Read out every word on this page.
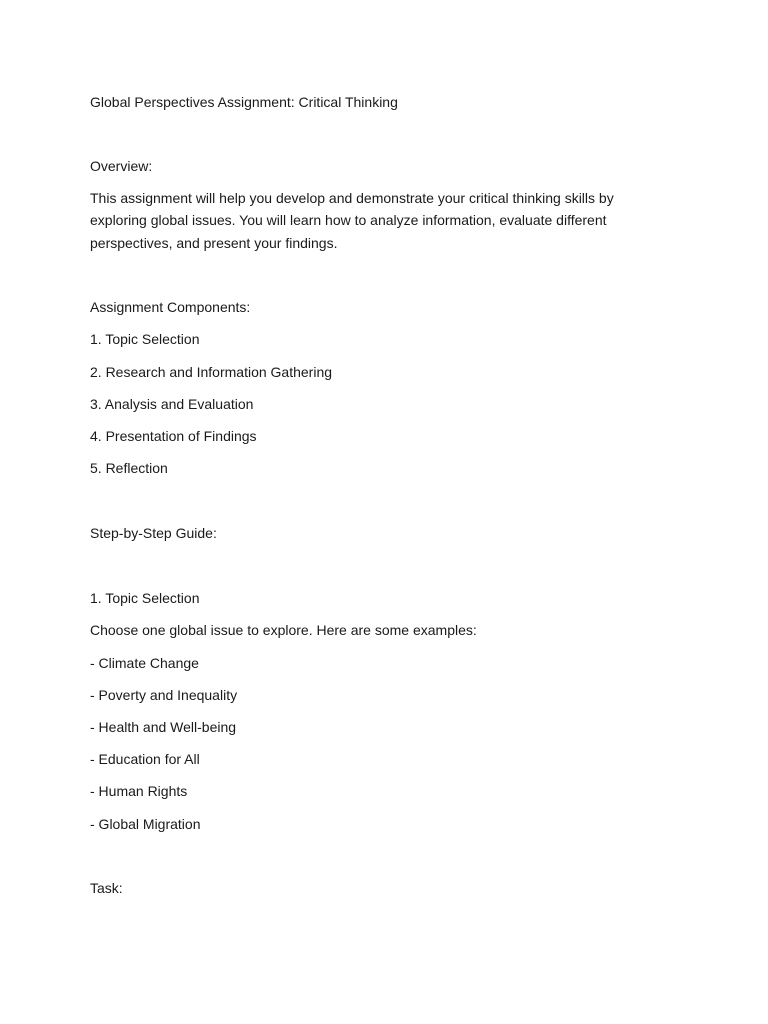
Global Perspectives Assignment: Critical Thinking

Overview:

This assignment will help you develop and demonstrate your critical thinking skills by exploring global issues. You will learn how to analyze information, evaluate different perspectives, and present your findings.

Assignment Components:

1. Topic Selection

2. Research and Information Gathering

3. Analysis and Evaluation

4. Presentation of Findings

5. Reflection

Step-by-Step Guide:

1. Topic Selection

Choose one global issue to explore. Here are some examples:

- Climate Change

- Poverty and Inequality

- Health and Well-being

- Education for All

- Human Rights

- Global Migration

Task:
